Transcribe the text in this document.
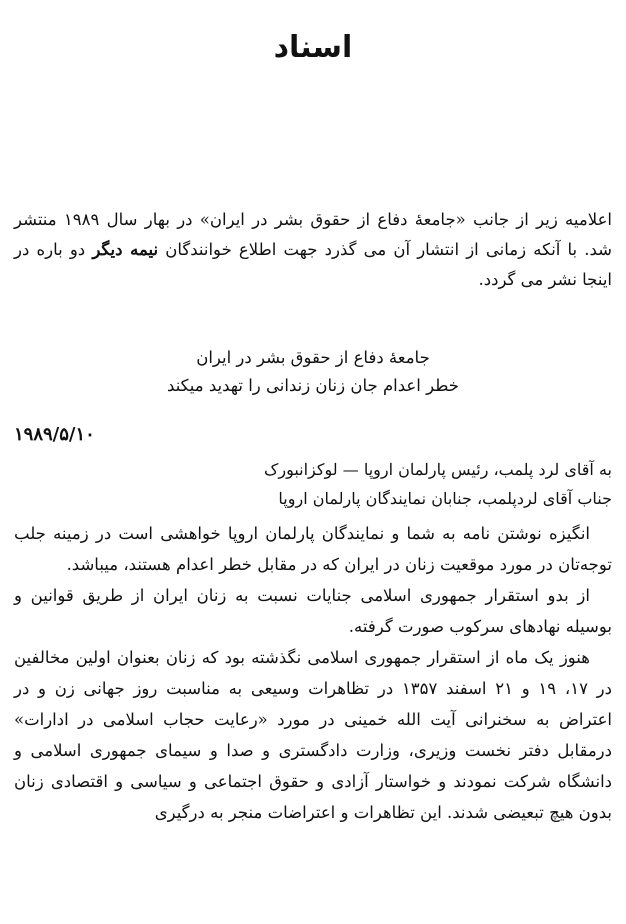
اسناد
اعلامیه زیر از جانب «جامعهٔ دفاع از حقوق بشر در ایران» در بهار سال ۱۹۸۹ منتشر شد. با آنکه زمانی از انتشار آن می گذرد جهت اطلاع خوانندگان نیمه دیگر دو باره در اینجا نشر می گردد.
جامعهٔ دفاع از حقوق بشر در ایران
خطر اعدام جان زنان زندانی را تهدید میکند
۱۹۸۹/۵/۱۰
به آقای لرد پلمب، رئیس پارلمان اروپا — لوکزانبورک
جناب آقای لردپلمب، جنابان نمایندگان پارلمان اروپا

انگیزه نوشتن نامه به شما و نمایندگان پارلمان اروپا خواهشی است در زمینه جلب توجه‌تان در مورد موقعیت زنان در ایران که در مقابل خطر اعدام هستند، میباشد.

از بدو استقرار جمهوری اسلامی جنایات نسبت به زنان ایران از طریق قوانین و بوسیله نهادهای سرکوب صورت گرفته.

هنوز یک ماه از استقرار جمهوری اسلامی نگذشته بود که زنان بعنوان اولین مخالفین در ۱۷، ۱۹ و ۲۱ اسفند ۱۳۵۷ در تظاهرات وسیعی به مناسبت روز جهانی زن و در اعتراض به سخنرانی آیت الله خمینی در مورد «رعایت حجاب اسلامی در ادارات» درمقابل دفتر نخست وزیری، وزارت دادگستری و صدا و سیمای جمهوری اسلامی و دانشگاه شرکت نمودند و خواستار آزادی و حقوق اجتماعی و سیاسی و اقتصادی زنان بدون هیچ تبعیضی شدند. این تظاهرات و اعتراضات منجر به درگیری
